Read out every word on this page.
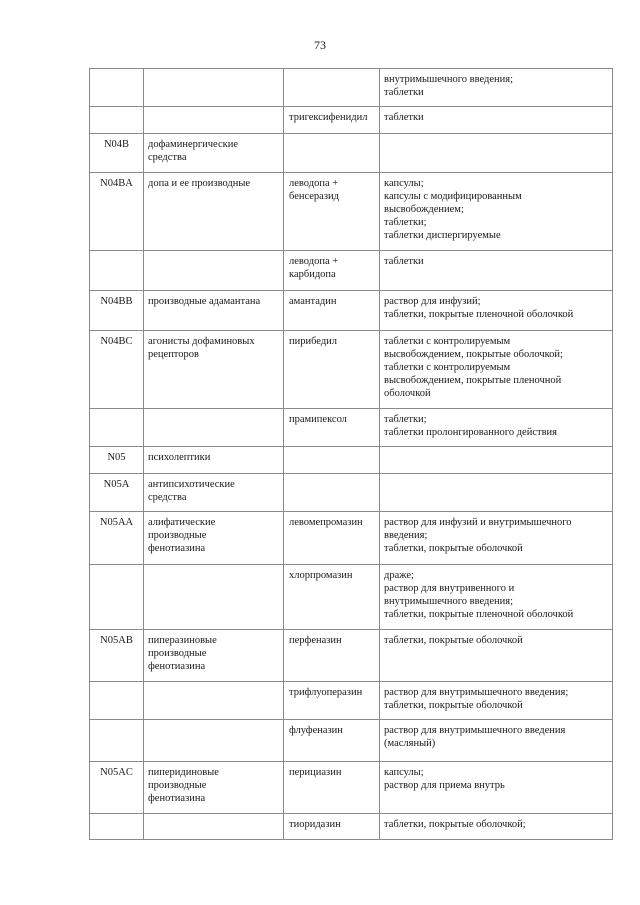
73
			внутримышечного введения;
таблетки
		тригексифенидил	таблетки
N04B	дофаминергические
средства		
N04BA	допа и ее производные	леводопа +
бенсеразид	капсулы;
капсулы с модифицированным
высвобождением;
таблетки;
таблетки диспергируемые
		леводопа +
карбидопа	таблетки
N04BB	производные адамантана	амантадин	раствор для инфузий;
таблетки, покрытые пленочной оболочкой
N04BC	агонисты дофаминовых
рецепторов	пирибедил	таблетки с контролируемым
высвобождением, покрытые оболочкой;
таблетки с контролируемым
высвобождением, покрытые пленочной
оболочкой
		прамипексол	таблетки;
таблетки пролонгированного действия
N05	психолептики		
N05A	антипсихотические
средства		
N05AA	алифатические
производные
фенотиазина	левомепромазин	раствор для инфузий и внутримышечного
введения;
таблетки, покрытые оболочкой
		хлорпромазин	драже;
раствор для внутривенного и
внутримышечного введения;
таблетки, покрытые пленочной оболочкой
N05AB	пиперазиновые
производные
фенотиазина	перфеназин	таблетки, покрытые оболочкой
		трифлуоперазин	раствор для внутримышечного введения;
таблетки, покрытые оболочкой
		флуфеназин	раствор для внутримышечного введения
(масляный)
N05AC	пиперидиновые
производные
фенотиазина	перициазин	капсулы;
раствор для приема внутрь
		тиоридазин	таблетки, покрытые оболочкой;
